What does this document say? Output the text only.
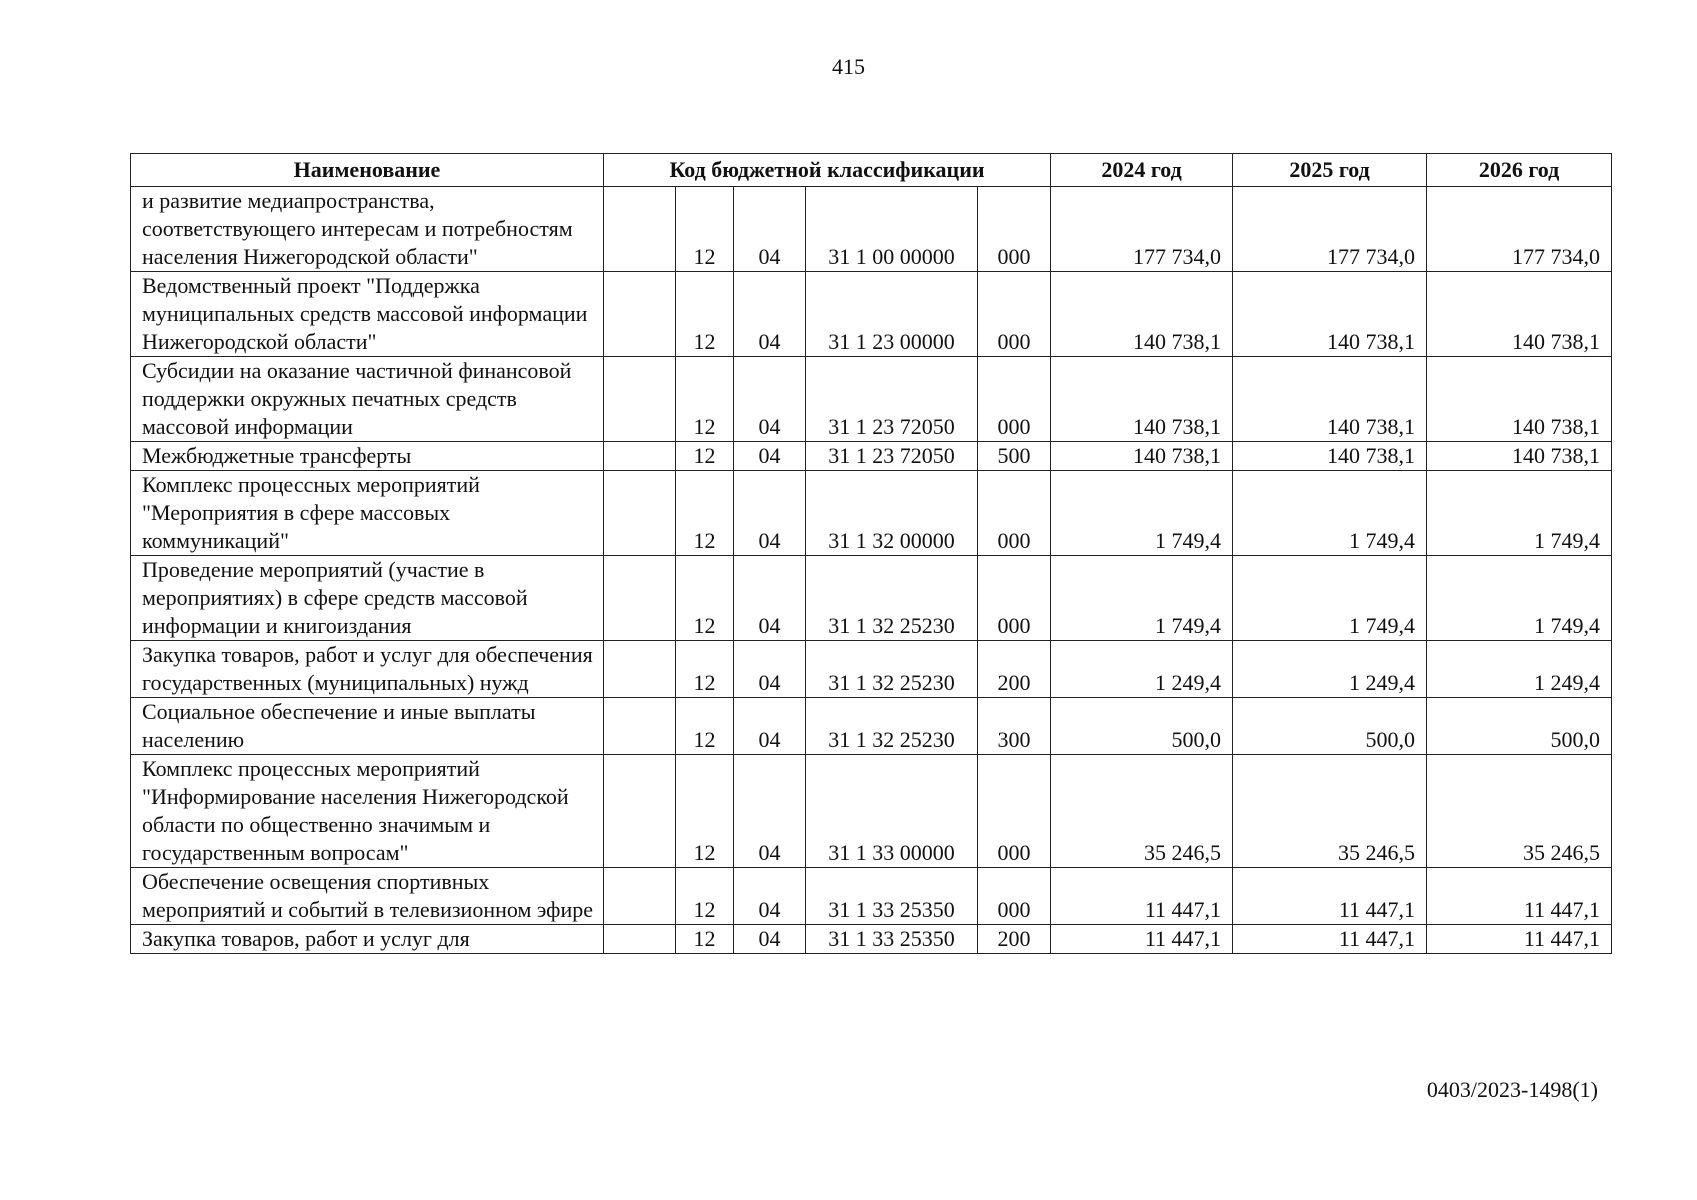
415
Наименование	Код бюджетной классификации					2024 год	2025 год	2026 год
и развитие медиапространства, соответствующего интересам и потребностям населения Нижегородской области"		12	04	31 1 00 00000	000	177 734,0	177 734,0	177 734,0
Ведомственный проект "Поддержка муниципальных средств массовой информации Нижегородской области"		12	04	31 1 23 00000	000	140 738,1	140 738,1	140 738,1
Субсидии на оказание частичной финансовой поддержки окружных печатных средств массовой информации		12	04	31 1 23 72050	000	140 738,1	140 738,1	140 738,1
Межбюджетные трансферты		12	04	31 1 23 72050	500	140 738,1	140 738,1	140 738,1
Комплекс процессных мероприятий "Мероприятия в сфере массовых коммуникаций"		12	04	31 1 32 00000	000	1 749,4	1 749,4	1 749,4
Проведение мероприятий (участие в мероприятиях) в сфере средств массовой информации и книгоиздания		12	04	31 1 32 25230	000	1 749,4	1 749,4	1 749,4
Закупка товаров, работ и услуг для обеспечения государственных (муниципальных) нужд		12	04	31 1 32 25230	200	1 249,4	1 249,4	1 249,4
Социальное обеспечение и иные выплаты населению		12	04	31 1 32 25230	300	500,0	500,0	500,0
Комплекс процессных мероприятий "Информирование населения Нижегородской области по общественно значимым и государственным вопросам"		12	04	31 1 33 00000	000	35 246,5	35 246,5	35 246,5
Обеспечение освещения спортивных мероприятий и событий в телевизионном эфире		12	04	31 1 33 25350	000	11 447,1	11 447,1	11 447,1
Закупка товаров, работ и услуг для		12	04	31 1 33 25350	200	11 447,1	11 447,1	11 447,1
0403/2023-1498(1)
